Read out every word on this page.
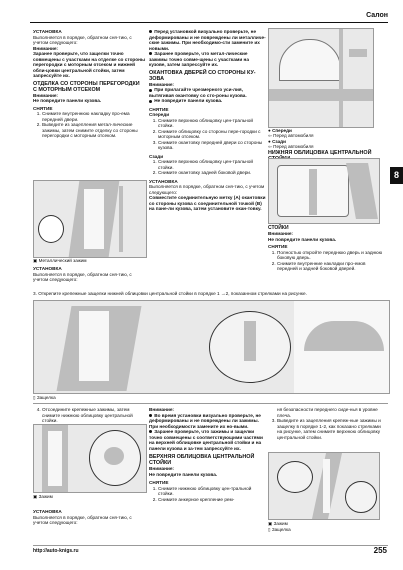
Салон
8
УСТАНОВКА
Выполняется в порядке, обратном сня-тию, с учетом следующего:
Внимание:
Заранее проверьте, что защелки точно совмещены с участками на отделке со стороны перегородки с моторным отсеком и нижней обли-цовки центральной стойки, затем запрессуйте их.
ОТДЕЛКА СО СТОРОНЫ ПЕРЕГОРОДКИ С МОТОРНЫМ ОТСЕКОМ
Внимание:
Не повредите панели кузова.
СНЯТИЕ
1. Снимите внутреннюю накладку про-ема передней двери.
2. Выведите из зацепления метал-лические зажимы, затем снимите отделку со стороны перегородки с моторным отсеком.
▣ Металлический зажим
Перед установкой визуально проверьте, не деформированы и не повреждены ли металличе-ские зажимы. При необходимо-сти замените их новыми.
Заранее проверьте, что метал-лические зажимы точно совме-щены с участками на кузове, затем запрессуйте их.
ОКАНТОВКА ДВЕРЕЙ СО СТОРОНЫ КУ-ЗОВА
Внимание:
При прилагайте чрезмерного уси-лия, вытягивая окантовку со сто-роны кузова.
Не повредите панели кузова.
СНЯТИЕ
Спереди
1. Снимите верхнюю облицовку цен-тральной стойки.
2. Снимите облицовку со стороны пере-городки с моторным отсеком.
3. Снимите окантовку передней двери со стороны кузова.
Сзади
1. Снимите верхнюю облицовку цен-тральной стойки.
2. Снимите окантовку задней боковой двери.
УСТАНОВКА
Выполняется в порядке, обратном сня-тию, с учетом следующего:
Совместите соединительную метку (A) окантовки со стороны кузова с соединительной точкой (B) на пане-ли кузова, затем установите окан-товку.
● Спереди
⇦ Перед автомобиля
● Сзади
⇦ Перед автомобиля
НИЖНЯЯ ОБЛИЦОВКА ЦЕНТРАЛЬНОЙ
СТОЙКИ
Внимание:
Не повредите панели кузова.
СНЯТИЕ
1. Полностью откройте переднюю дверь и заднюю боковую дверь.
2. Снимите внутренние накладки про-емов передней и задней боковой дверей.
УСТАНОВКА
Выполняется в порядке, обратном сня-тию, с учетом следующего:
3. Открепите крепежные защелки нижней облицовки центральной стойки в порядке 1 →2, показанном стрелками на рисунке.
▯ Защелка
4. Отсоедините крепежные зажимы, затем снимите нижнюю облицовку центральной стойки.
▣ Зажим
УСТАНОВКА
Выполняется в порядке, обратном сня-тию, с учетом следующего:
Внимание:
Во время установки визуально проверьте, не деформированы и не повреждены ли зажимы. При необходимости замените их но-выми.
Заранее проверьте, что зажимы и защелки точно совмещены с соответствующими частями на верхней облицовке центральной стойки и на панели кузова и за-тем запрессуйте их.
ВЕРХНЯЯ ОБЛИЦОВКА ЦЕНТРАЛЬНОЙ СТОЙКИ
Внимание:
Не повредите панели кузова.
СНЯТИЕ
1. Снимите нижнюю облицовку цен-тральной стойки.
2. Снимите анкерное крепление рем-
ня безопасности переднего сиде-нья в уровне плеча.
3. Выведите из зацепления крепеж-ные зажимы и защелку в порядке 1-2, как показано стрелками на рисунке, затем снимите верхнюю облицовку центральной стойки.
▣ Зажим
▯ Защелка
http://auto-knigs.ru	255
